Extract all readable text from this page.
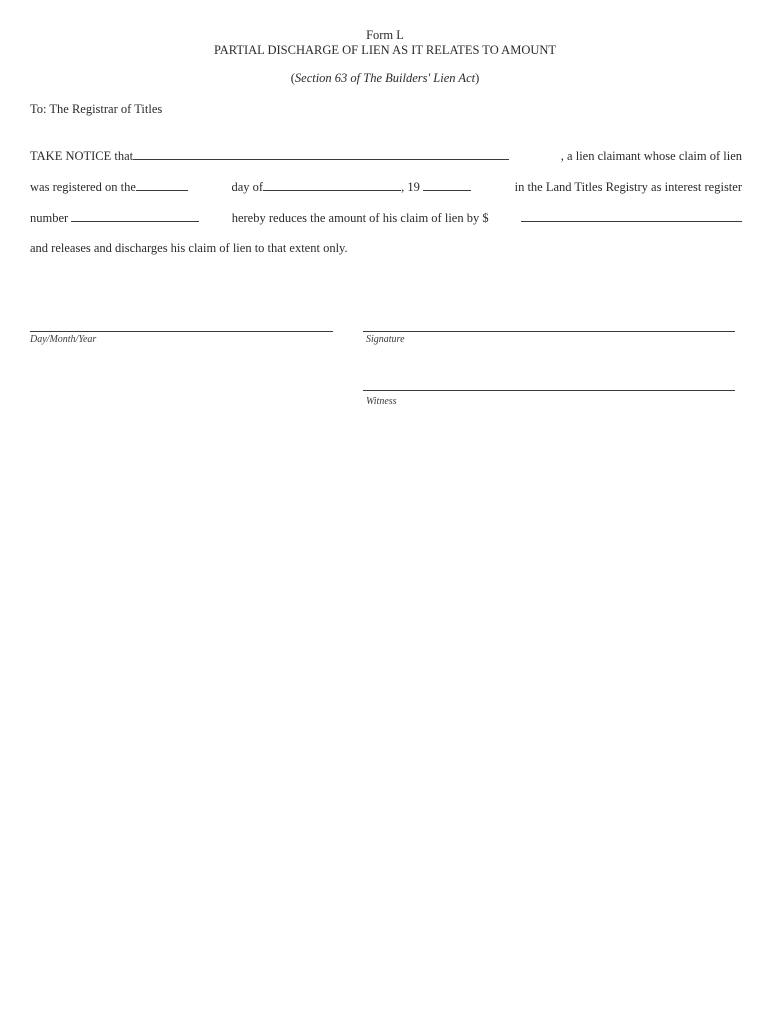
Form L
PARTIAL DISCHARGE OF LIEN AS IT RELATES TO AMOUNT
(Section 63 of The Builders' Lien Act)
To: The Registrar of Titles
TAKE NOTICE that	, a lien claimant whose claim of lien
was registered on the	day of	, 19	in the Land Titles Registry as interest register
number	hereby reduces the amount of his claim of lien by $
and releases and discharges his claim of lien to that extent only.
Day/Month/Year	Signature
Witness
